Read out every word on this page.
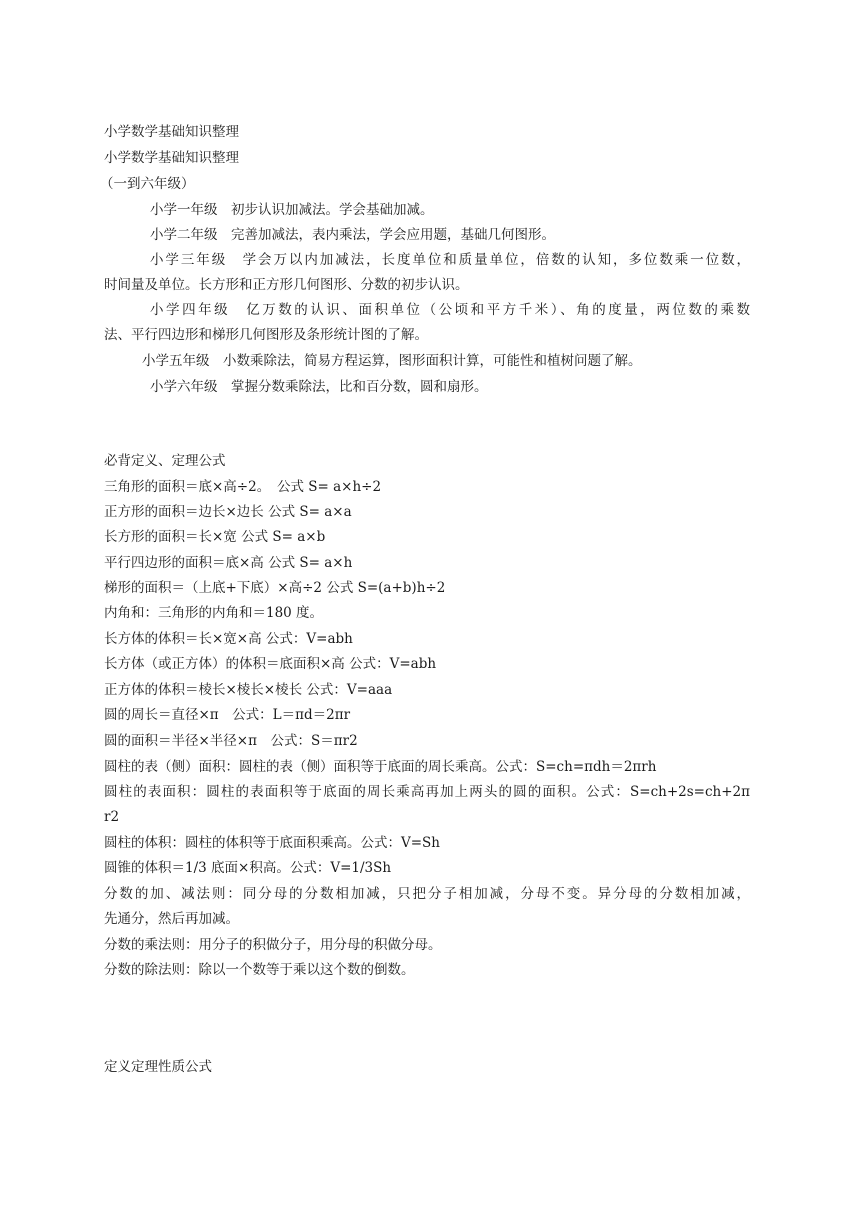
小学数学基础知识整理
小学数学基础知识整理
（一到六年级）
小学一年级　初步认识加减法。学会基础加减。
小学二年级　完善加减法，表内乘法，学会应用题，基础几何图形。
小学三年级　学会万以内加减法，长度单位和质量单位，倍数的认知，多位数乘一位数，
时间量及单位。长方形和正方形几何图形、分数的初步认识。
小学四年级　亿万数的认识、面积单位（公顷和平方千米）、角的度量，两位数的乘数
法、平行四边形和梯形几何图形及条形统计图的了解。
小学五年级　小数乘除法，简易方程运算，图形面积计算，可能性和植树问题了解。
小学六年级　掌握分数乘除法，比和百分数，圆和扇形。
必背定义、定理公式
三角形的面积＝底×高÷2。　公式 S= a×h÷2
正方形的面积＝边长×边长 公式 S= a×a
长方形的面积＝长×宽 公式 S= a×b
平行四边形的面积＝底×高 公式 S= a×h
梯形的面积＝（上底+下底）×高÷2 公式 S=(a+b)h÷2
内角和：三角形的内角和＝180 度。
长方体的体积＝长×宽×高 公式：V=abh
长方体（或正方体）的体积＝底面积×高 公式：V=abh
正方体的体积＝棱长×棱长×棱长 公式：V=aaa
圆的周长＝直径×π　公式：L＝πd＝2πr
圆的面积＝半径×半径×π　公式：S＝πr2
圆柱的表（侧）面积：圆柱的表（侧）面积等于底面的周长乘高。公式：S=ch=πdh＝2πrh
圆柱的表面积：圆柱的表面积等于底面的周长乘高再加上两头的圆的面积。公式：S=ch+2s=ch+2π
r2
圆柱的体积：圆柱的体积等于底面积乘高。公式：V=Sh
圆锥的体积＝1/3 底面×积高。公式：V=1/3Sh
分数的加、减法则：同分母的分数相加减，只把分子相加减，分母不变。异分母的分数相加减，
先通分，然后再加减。
分数的乘法则：用分子的积做分子，用分母的积做分母。
分数的除法则：除以一个数等于乘以这个数的倒数。
定义定理性质公式
